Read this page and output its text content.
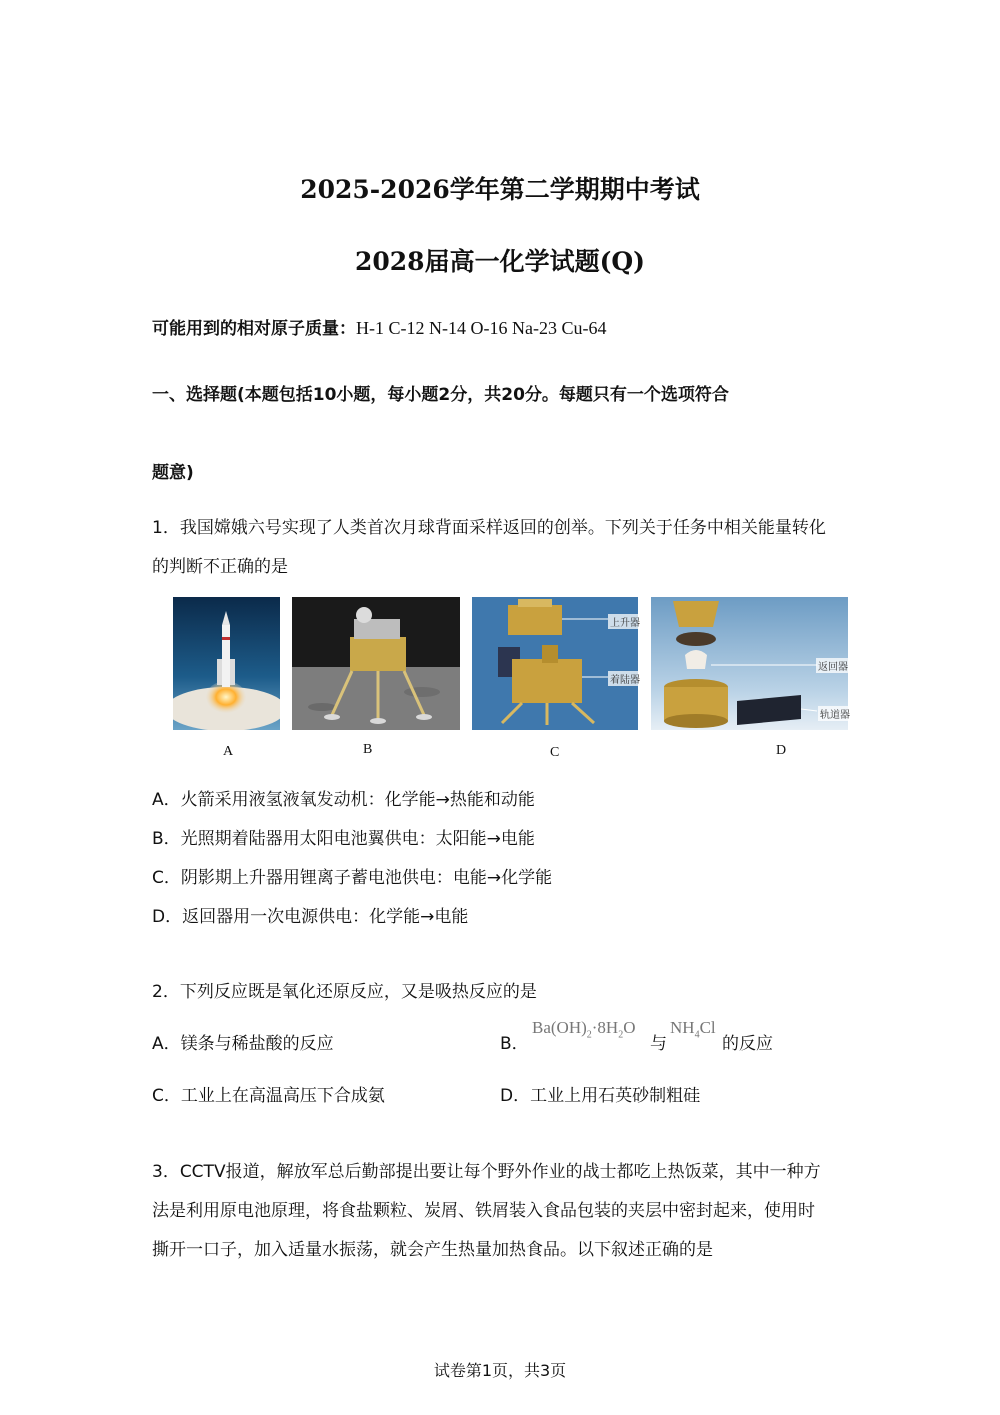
2025-2026学年第二学期期中考试
2028届高一化学试题(Q)
可能用到的相对原子质量：H-1 C-12 N-14 O-16 Na-23 Cu-64
一、选择题(本题包括10小题，每小题2分，共20分。每题只有一个选项符合
题意)
1．我国嫦娥六号实现了人类首次月球背面采样返回的创举。下列关于任务中相关能量转化
的判断不正确的是
A	B
上升器
着陆器
C
返回器
轨道器
D
A．火箭采用液氢液氧发动机：化学能→热能和动能
B．光照期着陆器用太阳电池翼供电：太阳能→电能
C．阴影期上升器用锂离子蓄电池供电：电能→化学能
D．返回器用一次电源供电：化学能→电能
2．下列反应既是氧化还原反应，又是吸热反应的是
A．镁条与稀盐酸的反应	B．
$Ba(OH)_2\cdot 8H_2O$
与
$NH_4Cl$
的反应
C．工业上在高温高压下合成氨	D．工业上用石英砂制粗硅
3．CCTV报道，解放军总后勤部提出要让每个野外作业的战士都吃上热饭菜，其中一种方
法是利用原电池原理，将食盐颗粒、炭屑、铁屑装入食品包装的夹层中密封起来，使用时
撕开一口子，加入适量水振荡，就会产生热量加热食品。以下叙述正确的是
试卷第1页，共3页
